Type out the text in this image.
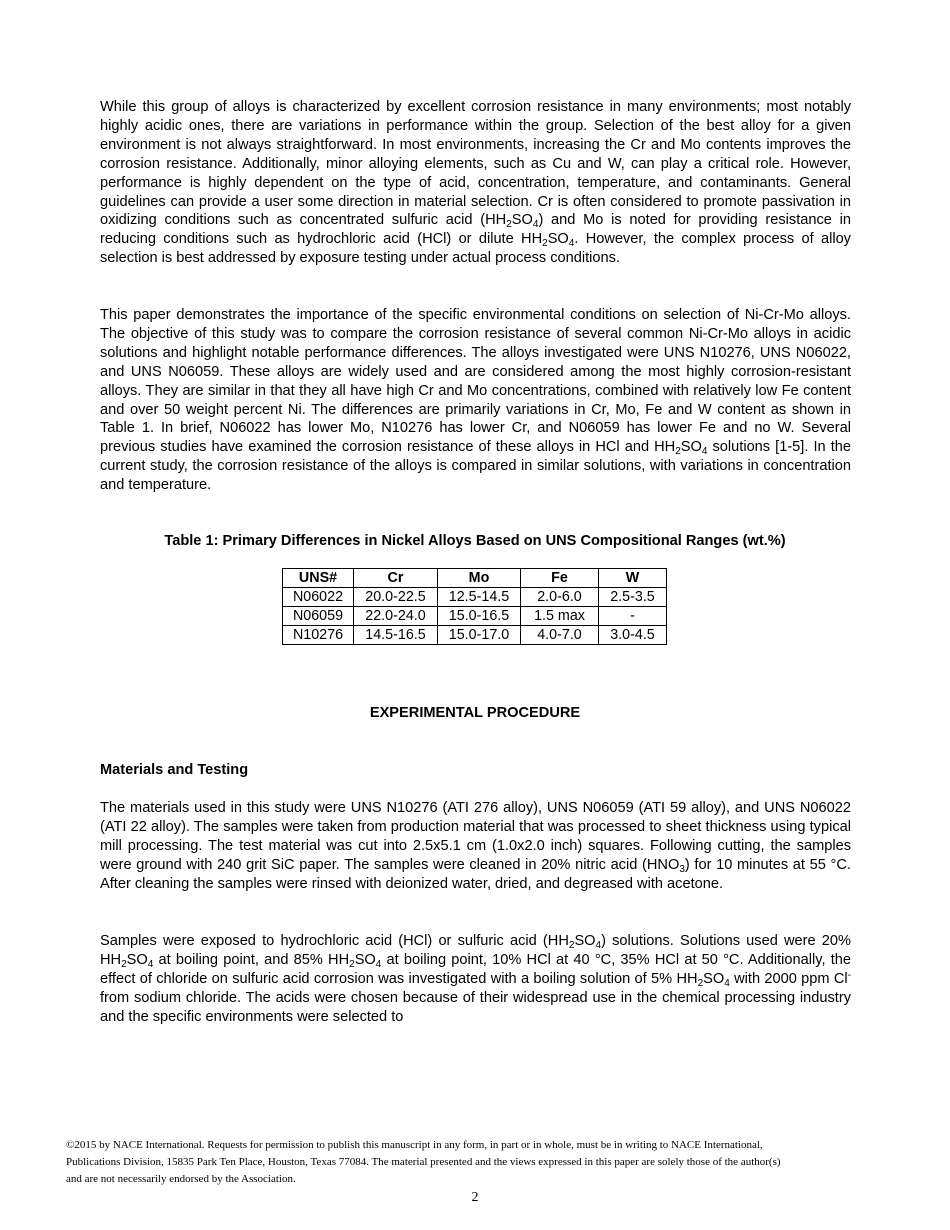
While this group of alloys is characterized by excellent corrosion resistance in many environments; most notably highly acidic ones, there are variations in performance within the group. Selection of the best alloy for a given environment is not always straightforward. In most environments, increasing the Cr and Mo contents improves the corrosion resistance. Additionally, minor alloying elements, such as Cu and W, can play a critical role. However, performance is highly dependent on the type of acid, concentration, temperature, and contaminants. General guidelines can provide a user some direction in material selection. Cr is often considered to promote passivation in oxidizing conditions such as concentrated sulfuric acid $(HH_2SO_4)$ and Mo is noted for providing resistance in reducing conditions such as hydrochloric acid (HCl) or dilute $HH_2SO_4$. However, the complex process of alloy selection is best addressed by exposure testing under actual process conditions.

This paper demonstrates the importance of the specific environmental conditions on selection of Ni-Cr-Mo alloys. The objective of this study was to compare the corrosion resistance of several common Ni-Cr-Mo alloys in acidic solutions and highlight notable performance differences. The alloys investigated were UNS N10276, UNS N06022, and UNS N06059. These alloys are widely used and are considered among the most highly corrosion-resistant alloys. They are similar in that they all have high Cr and Mo concentrations, combined with relatively low Fe content and over 50 weight percent Ni. The differences are primarily variations in Cr, Mo, Fe and W content as shown in Table 1. In brief, N06022 has lower Mo, N10276 has lower Cr, and N06059 has lower Fe and no W. Several previous studies have examined the corrosion resistance of these alloys in HCl and $HH_2SO_4$ solutions [1-5]. In the current study, the corrosion resistance of the alloys is compared in similar solutions, with variations in concentration and temperature.

Table 1: Primary Differences in Nickel Alloys Based on UNS Compositional Ranges (wt.%)

UNS#	Cr	Mo	Fe	W
N06022	20.0-22.5	12.5-14.5	2.0-6.0	2.5-3.5
N06059	22.0-24.0	15.0-16.5	1.5 max	-
N10276	14.5-16.5	15.0-17.0	4.0-7.0	3.0-4.5

EXPERIMENTAL PROCEDURE

Materials and Testing

The materials used in this study were UNS N10276 (ATI 276 alloy), UNS N06059 (ATI 59 alloy), and UNS N06022 (ATI 22 alloy). The samples were taken from production material that was processed to sheet thickness using typical mill processing. The test material was cut into 2.5x5.1 cm (1.0x2.0 inch) squares. Following cutting, the samples were ground with 240 grit SiC paper. The samples were cleaned in 20% nitric acid $(HNO_3)$ for 10 minutes at 55 °C. After cleaning the samples were rinsed with deionized water, dried, and degreased with acetone.

Samples were exposed to hydrochloric acid (HCl) or sulfuric acid $(HH_2SO_4)$ solutions. Solutions used were 20% $HH_2SO_4$ at boiling point, and 85% $HH_2SO_4$ at boiling point, 10% HCl at 40 °C, 35% HCl at 50 °C. Additionally, the effect of chloride on sulfuric acid corrosion was investigated with a boiling solution of 5% $HH_2SO_4$ with 2000 ppm Cl- from sodium chloride. The acids were chosen because of their widespread use in the chemical processing industry and the specific environments were selected to

©2015 by NACE International. Requests for permission to publish this manuscript in any form, in part or in whole, must be in writing to NACE International, Publications Division, 15835 Park Ten Place, Houston, Texas 77084. The material presented and the views expressed in this paper are solely those of the author(s) and are not necessarily endorsed by the Association.

2
